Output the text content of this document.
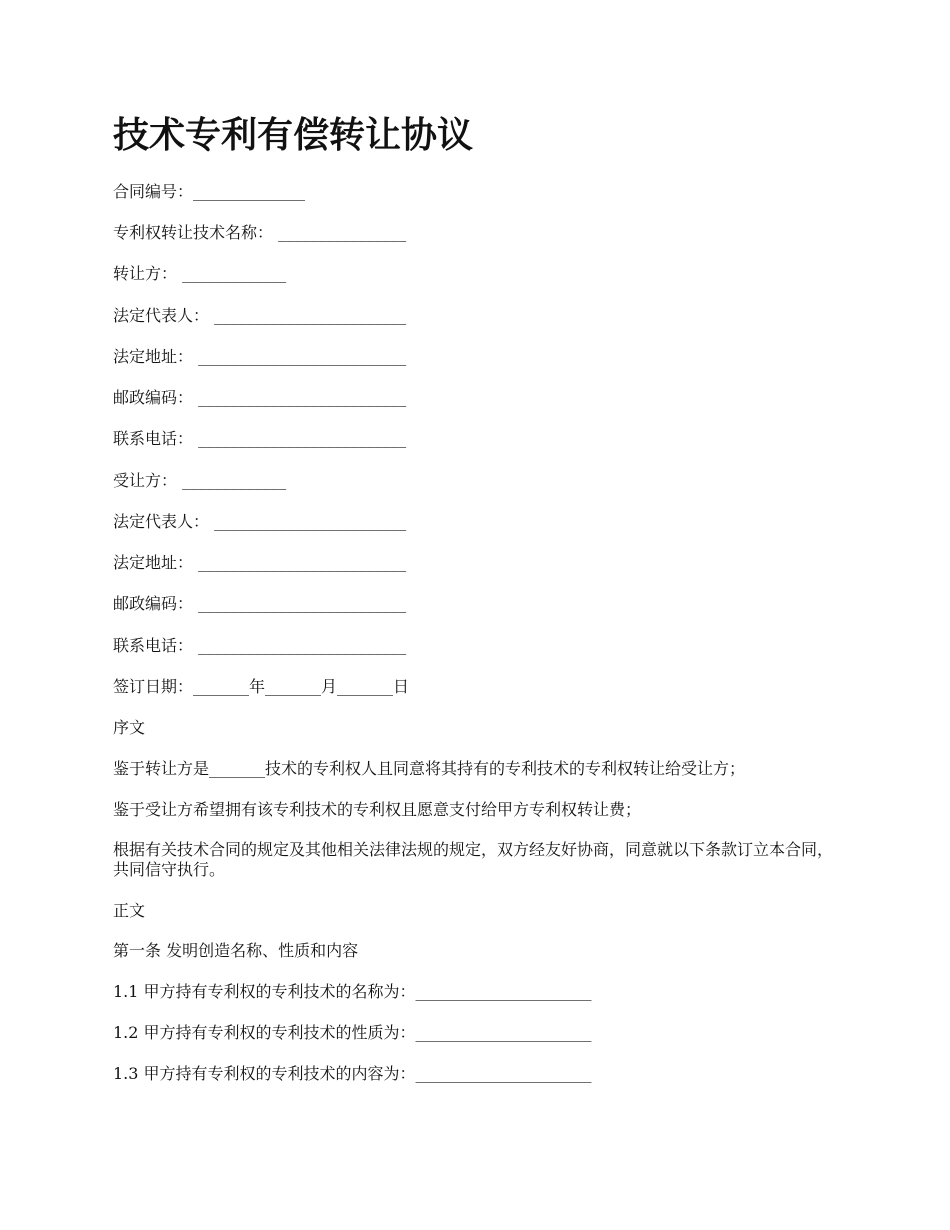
技术专利有偿转让协议
合同编号：______________
专利权转让技术名称： ________________
转让方： _____________
法定代表人： ________________________
法定地址： __________________________
邮政编码： __________________________
联系电话： __________________________
受让方： _____________
法定代表人： ________________________
法定地址： __________________________
邮政编码： __________________________
联系电话： __________________________
签订日期：_______年_______月_______日
序文
鉴于转让方是_______技术的专利权人且同意将其持有的专利技术的专利权转让给受让方；
鉴于受让方希望拥有该专利技术的专利权且愿意支付给甲方专利权转让费；
根据有关技术合同的规定及其他相关法律法规的规定，双方经友好协商，同意就以下条款订立本合同，共同信守执行。
正文
第一条 发明创造名称、性质和内容
1.1 甲方持有专利权的专利技术的名称为：______________________
1.2 甲方持有专利权的专利技术的性质为：______________________
1.3 甲方持有专利权的专利技术的内容为：______________________
